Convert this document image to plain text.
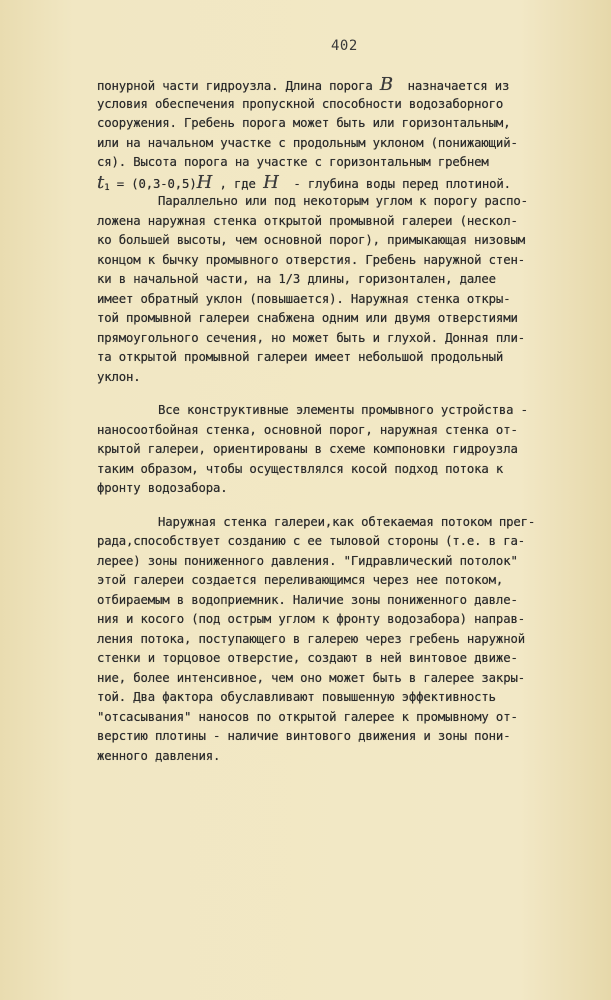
402
понурной части гидроузла. Длина порога B назначается из
условия обеспечения пропускной способности водозаборного
сооружения. Гребень порога может быть или горизонтальным,
или на начальном участке с продольным уклоном (понижающий-
ся). Высота порога на участке с горизонтальным гребнем
$t_1 = (0,3-0,5)H$ , где H - глубина воды перед плотиной.
Параллельно или под некоторым углом к порогу распо-
ложена наружная стенка открытой промывной галереи (нескол-
ко большей высоты, чем основной порог), примыкающая низовым
концом к бычку промывного отверстия. Гребень наружной стен-
ки в начальной части, на 1/3 длины, горизонтален, далее
имеет обратный уклон (повышается). Наружная стенка откры-
той промывной галереи снабжена одним или двумя отверстиями
прямоугольного сечения, но может быть и глухой. Донная пли-
та открытой промывной галереи имеет небольшой продольный
уклон.
Все конструктивные элементы промывного устройства -
наносоотбойная стенка, основной порог, наружная стенка от-
крытой галереи, ориентированы в схеме компоновки гидроузла
таким образом, чтобы осуществлялся косой подход потока к
фронту водозабора.
Наружная стенка галереи,как обтекаемая потоком прег-
рада,способствует созданию с ее тыловой стороны (т.е. в га-
лерее) зоны пониженного давления. "Гидравлический потолок"
этой галереи создается переливающимся через нее потоком,
отбираемым в водоприемник. Наличие зоны пониженного давле-
ния и косого (под острым углом к фронту водозабора) направ-
ления потока, поступающего в галерею через гребень наружной
стенки и торцовое отверстие, создают в ней винтовое движе-
ние, более интенсивное, чем оно может быть в галерее закры-
той. Два фактора обуславливают повышенную эффективность
"отсасывания" наносов по открытой галерее к промывному от-
верстию плотины - наличие винтового движения и зоны пони-
женного давления.
